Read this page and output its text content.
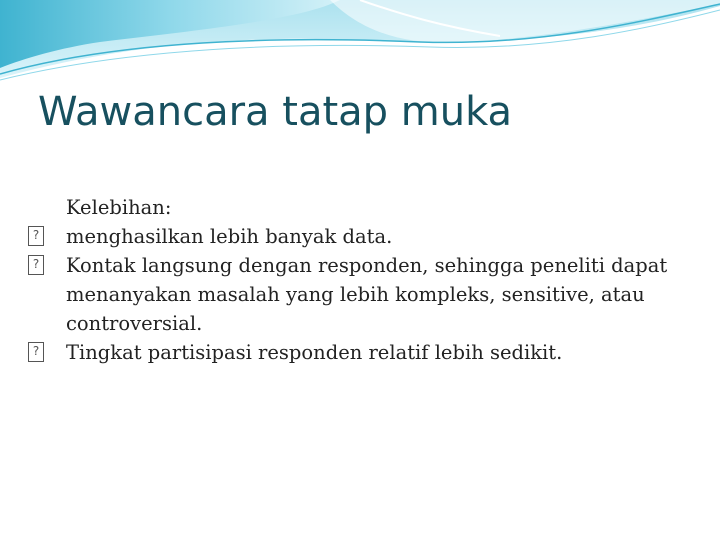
Wawancara tatap muka
Kelebihan:
? menghasilkan lebih banyak data.
? Kontak langsung dengan responden, sehingga peneliti dapat menanyakan masalah yang lebih kompleks, sensitive, atau controversial.
? Tingkat partisipasi responden relatif lebih sedikit.
